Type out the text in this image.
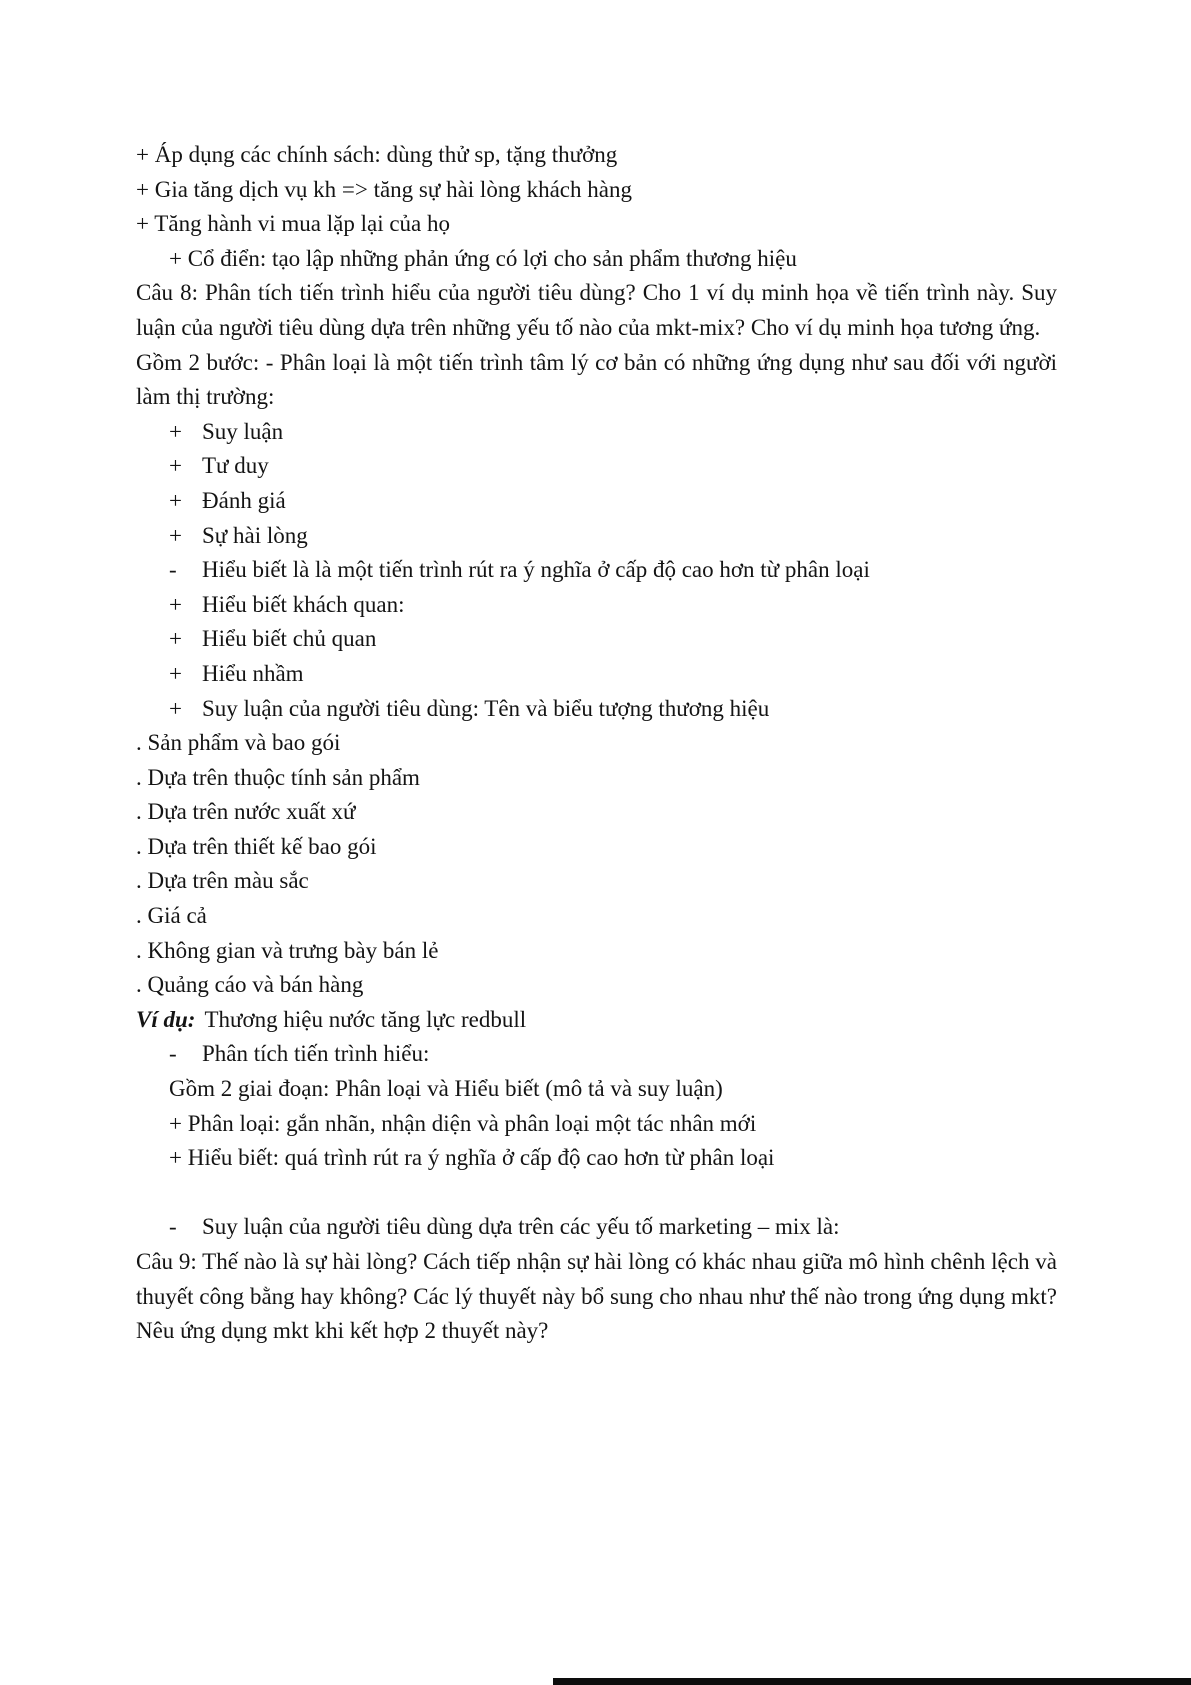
+ Áp dụng các chính sách: dùng thử sp, tặng thưởng
+ Gia tăng dịch vụ kh => tăng sự hài lòng khách hàng
+ Tăng hành vi mua lặp lại của họ
+ Cổ điển: tạo lập những phản ứng có lợi cho sản phẩm thương hiệu
Câu 8: Phân tích tiến trình hiểu của người tiêu dùng? Cho 1 ví dụ minh họa về tiến trình này. Suy luận của người tiêu dùng dựa trên những yếu tố nào của mkt-mix? Cho ví dụ minh họa tương ứng.
Gồm 2 bước: - Phân loại là một tiến trình tâm lý cơ bản có những ứng dụng như sau đối với người làm thị trường:
+ Suy luận
+ Tư duy
+ Đánh giá
+ Sự hài lòng
-	Hiểu biết là là một tiến trình rút ra ý nghĩa ở cấp độ cao hơn từ phân loại
+ Hiểu biết khách quan:
+ Hiểu biết chủ quan
+ Hiểu nhầm
+ Suy luận của người tiêu dùng: Tên và biểu tượng thương hiệu
. Sản phẩm và bao gói
. Dựa trên thuộc tính sản phẩm
. Dựa trên nước xuất xứ
. Dựa trên thiết kế bao gói
. Dựa trên màu sắc
. Giá cả
. Không gian và trưng bày bán lẻ
. Quảng cáo và bán hàng
Ví dụ: Thương hiệu nước tăng lực redbull
-	Phân tích tiến trình hiểu:
Gồm 2 giai đoạn: Phân loại và Hiểu biết (mô tả và suy luận)
+ Phân loại: gắn nhãn, nhận diện và phân loại một tác nhân mới
+ Hiểu biết: quá trình rút ra ý nghĩa ở cấp độ cao hơn từ phân loại
-	Suy luận của người tiêu dùng dựa trên các yếu tố marketing – mix là:
Câu 9: Thế nào là sự hài lòng? Cách tiếp nhận sự hài lòng có khác nhau giữa mô hình chênh lệch và thuyết công bằng hay không? Các lý thuyết này bổ sung cho nhau như thế nào trong ứng dụng mkt? Nêu ứng dụng mkt khi kết hợp 2 thuyết này?
